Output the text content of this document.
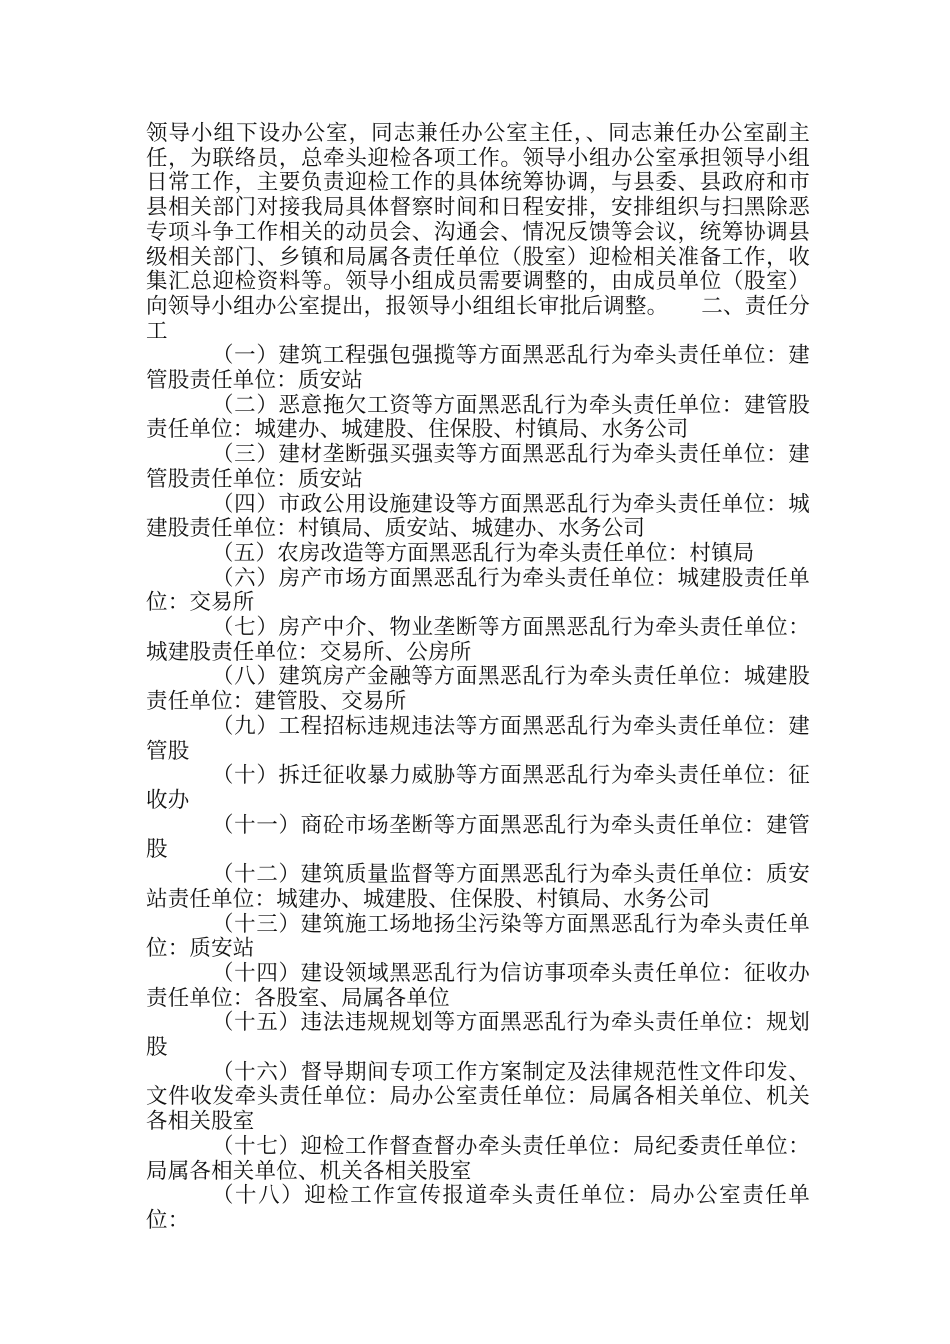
领导小组下设办公室，同志兼任办公室主任，、同志兼任办公室副主任，为联络员，总牵头迎检各项工作。领导小组办公室承担领导小组日常工作，主要负责迎检工作的具体统筹协调，与县委、县政府和市县相关部门对接我局具体督察时间和日程安排，安排组织与扫黑除恶专项斗争工作相关的动员会、沟通会、情况反馈等会议，统筹协调县级相关部门、乡镇和局属各责任单位（股室）迎检相关准备工作，收集汇总迎检资料等。领导小组成员需要调整的，由成员单位（股室）向领导小组办公室提出，报领导小组组长审批后调整。　　二、责任分工

（一）建筑工程强包强揽等方面黑恶乱行为牵头责任单位：建管股责任单位：质安站

（二）恶意拖欠工资等方面黑恶乱行为牵头责任单位：建管股责任单位：城建办、城建股、住保股、村镇局、水务公司

（三）建材垄断强买强卖等方面黑恶乱行为牵头责任单位：建管股责任单位：质安站

（四）市政公用设施建设等方面黑恶乱行为牵头责任单位：城建股责任单位：村镇局、质安站、城建办、水务公司

（五）农房改造等方面黑恶乱行为牵头责任单位：村镇局

（六）房产市场方面黑恶乱行为牵头责任单位：城建股责任单位：交易所

（七）房产中介、物业垄断等方面黑恶乱行为牵头责任单位：城建股责任单位：交易所、公房所

（八）建筑房产金融等方面黑恶乱行为牵头责任单位：城建股责任单位：建管股、交易所

（九）工程招标违规违法等方面黑恶乱行为牵头责任单位：建管股

（十）拆迁征收暴力威胁等方面黑恶乱行为牵头责任单位：征收办

（十一）商砼市场垄断等方面黑恶乱行为牵头责任单位：建管股

（十二）建筑质量监督等方面黑恶乱行为牵头责任单位：质安站责任单位：城建办、城建股、住保股、村镇局、水务公司

（十三）建筑施工场地扬尘污染等方面黑恶乱行为牵头责任单位：质安站

（十四）建设领域黑恶乱行为信访事项牵头责任单位：征收办责任单位：各股室、局属各单位

（十五）违法违规规划等方面黑恶乱行为牵头责任单位：规划股

（十六）督导期间专项工作方案制定及法律规范性文件印发、文件收发牵头责任单位：局办公室责任单位：局属各相关单位、机关各相关股室

（十七）迎检工作督查督办牵头责任单位：局纪委责任单位：局属各相关单位、机关各相关股室

（十八）迎检工作宣传报道牵头责任单位：局办公室责任单位：
